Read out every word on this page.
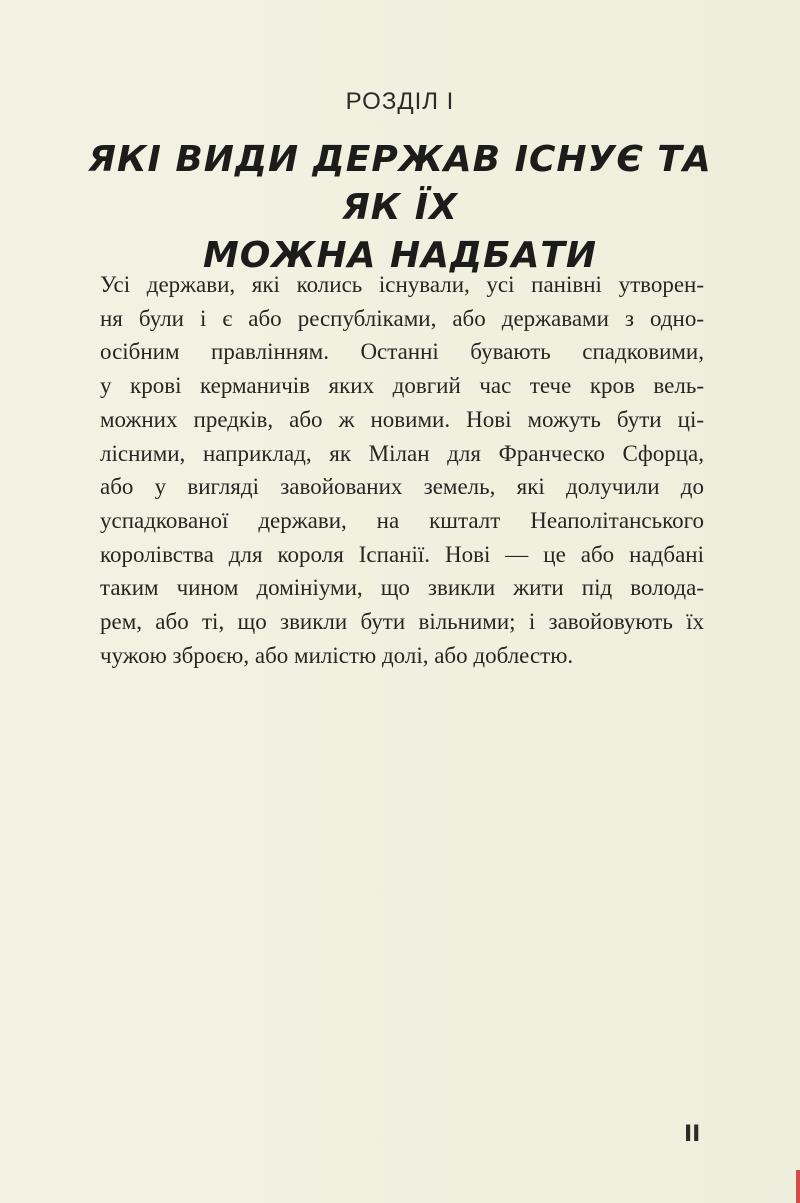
РОЗДІЛ І
ЯКІ ВИДИ ДЕРЖАВ ІСНУЄ ТА ЯК ЇХ
МОЖНА НАДБАТИ

Усі держави, які колись існували, усі панівні утворен-
ня були і є або республіками, або державами з одно-
осібним правлінням. Останні бувають спадковими,
у крові керманичів яких довгий час тече кров вель-
можних предків, або ж новими. Нові можуть бути ці-
лісними, наприклад, як Мілан для Франческо Сфорца,
або у вигляді завойованих земель, які долучили до
успадкованої держави, на кшталт Неаполітанського
королівства для короля Іспанії. Нові — це або надбані
таким чином домініуми, що звикли жити під волода-
рем, або ті, що звикли бути вільними; і завойовують їх
чужою зброєю, або милістю долі, або доблестю.

II
